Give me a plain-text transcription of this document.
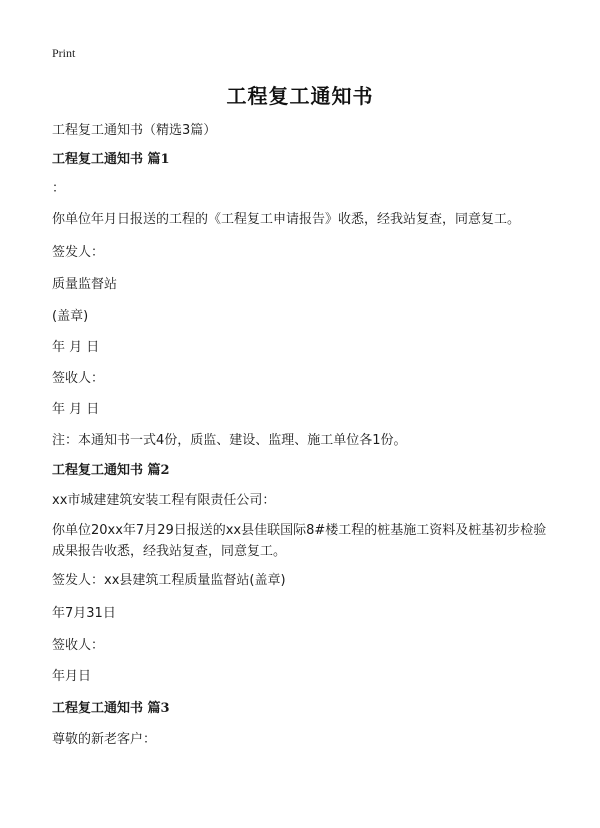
Print
工程复工通知书
工程复工通知书（精选3篇）
工程复工通知书 篇1
：
你单位年月日报送的工程的《工程复工申请报告》收悉，经我站复查，同意复工。
签发人：
质量监督站
(盖章)
年 月 日
签收人：
年 月 日
注：本通知书一式4份，质监、建设、监理、施工单位各1份。
工程复工通知书 篇2
xx市城建建筑安装工程有限责任公司：
你单位20xx年7月29日报送的xx县佳联国际8#楼工程的桩基施工资料及桩基初步检验成果报告收悉，经我站复查，同意复工。
签发人：xx县建筑工程质量监督站(盖章)
年7月31日
签收人：
年月日
工程复工通知书 篇3
尊敬的新老客户：
